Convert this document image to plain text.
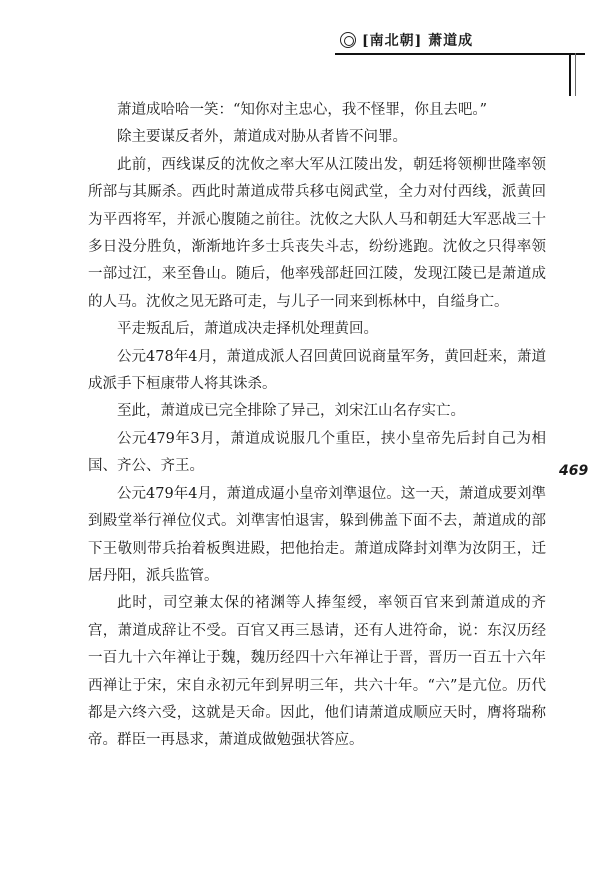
[南北朝] 萧道成

萧道成哈哈一笑：“知你对主忠心，我不怪罪，你且去吧。”

除主要谋反者外，萧道成对胁从者皆不问罪。

此前，西线谋反的沈攸之率大军从江陵出发，朝廷将领柳世隆率领所部与其厮杀。西此时萧道成带兵移屯阅武堂，全力对付西线，派黄回为平西将军，并派心腹随之前往。沈攸之大队人马和朝廷大军恶战三十多日没分胜负，渐渐地许多士兵丧失斗志，纷纷逃跑。沈攸之只得率领一部过江，来至鲁山。随后，他率残部赶回江陵，发现江陵已是萧道成的人马。沈攸之见无路可走，与儿子一同来到栎林中，自缢身亡。

平走叛乱后，萧道成决走择机处理黄回。

公元478年4月，萧道成派人召回黄回说商量军务，黄回赶来，萧道成派手下桓康带人将其诛杀。

至此，萧道成已完全排除了异己，刘宋江山名存实亡。

公元479年3月，萧道成说服几个重臣，挟小皇帝先后封自己为相国、齐公、齐王。

公元479年4月，萧道成逼小皇帝刘準退位。这一天，萧道成要刘準到殿堂举行禅位仪式。刘準害怕退害，躲到佛盖下面不去，萧道成的部下王敬则带兵抬着板舆进殿，把他抬走。萧道成降封刘準为汝阴王，迁居丹阳，派兵监管。

此时，司空兼太保的褚渊等人捧玺绶，率领百官来到萧道成的齐宫，萧道成辞让不受。百官又再三恳请，还有人进符命，说：东汉历经一百九十六年禅让于魏，魏历经四十六年禅让于晋，晋历一百五十六年西禅让于宋，宋自永初元年到昇明三年，共六十年。“六”是亢位。历代都是六终六受，这就是天命。因此，他们请萧道成顺应天时，膺将瑞称帝。群臣一再恳求，萧道成做勉强状答应。

469
